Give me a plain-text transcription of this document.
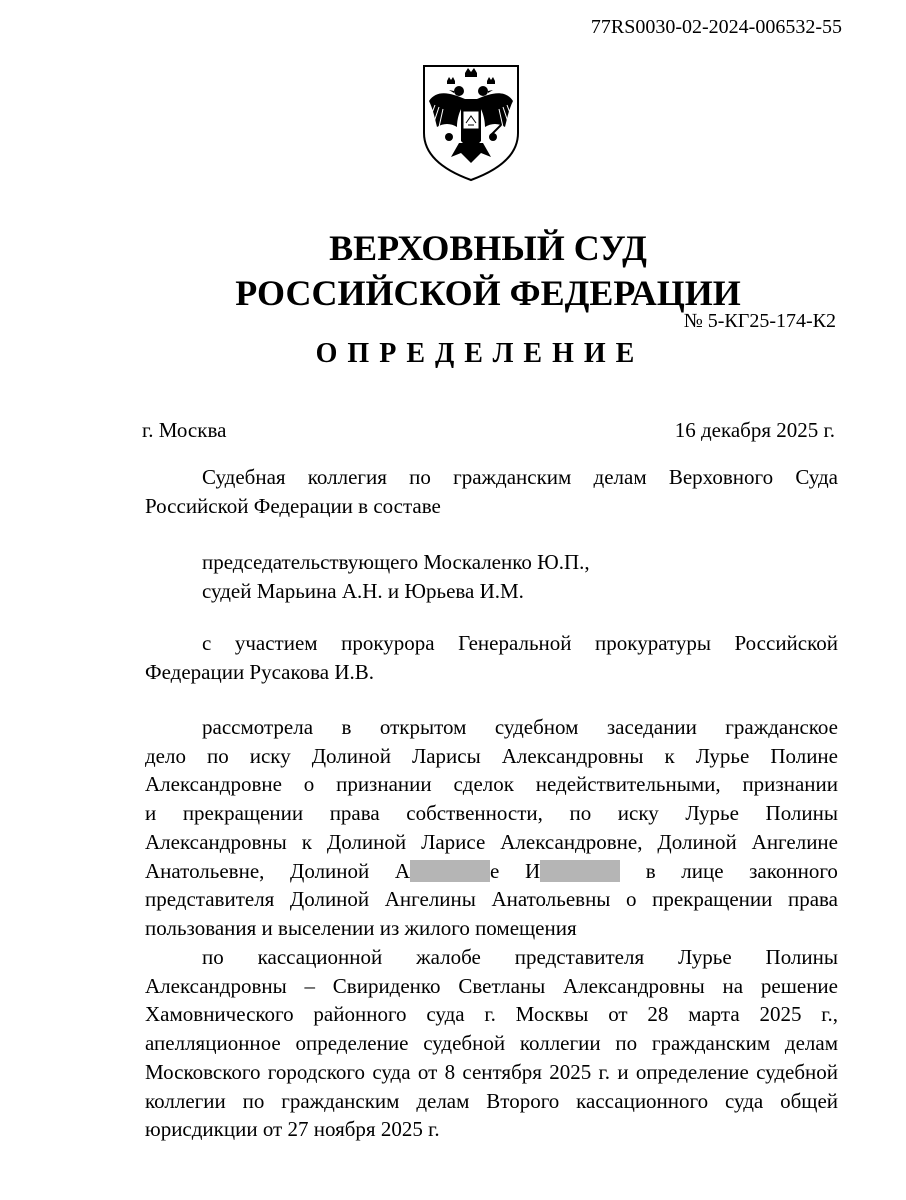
77RS0030-02-2024-006532-55
ВЕРХОВНЫЙ СУД
РОССИЙСКОЙ ФЕДЕРАЦИИ
№ 5-КГ25-174-К2
ОПРЕДЕЛЕНИЕ
г. Москва	16 декабря 2025 г.
Судебная коллегия по гражданским делам Верховного Суда
Российской Федерации в составе
председательствующего Москаленко Ю.П.,
судей Марьина А.Н. и Юрьева И.М.
с участием прокурора Генеральной прокуратуры Российской
Федерации Русакова И.В.
рассмотрела в открытом судебном заседании гражданское
дело по иску Долиной Ларисы Александровны к Лурье Полине
Александровне о признании сделок недействительными, признании
и прекращении права собственности, по иску Лурье Полины
Александровны к Долиной Ларисе Александровне, Долиной Ангелине
Анатольевне, Долиной А	е И	в лице законного
представителя Долиной Ангелины Анатольевны о прекращении права
пользования и выселении из жилого помещения
по кассационной жалобе представителя Лурье Полины
Александровны – Свириденко Светланы Александровны на решение
Хамовнического районного суда г. Москвы от 28 марта 2025 г.,
апелляционное определение судебной коллегии по гражданским делам
Московского городского суда от 8 сентября 2025 г. и определение судебной
коллегии по гражданским делам Второго кассационного суда общей
юрисдикции от 27 ноября 2025 г.
